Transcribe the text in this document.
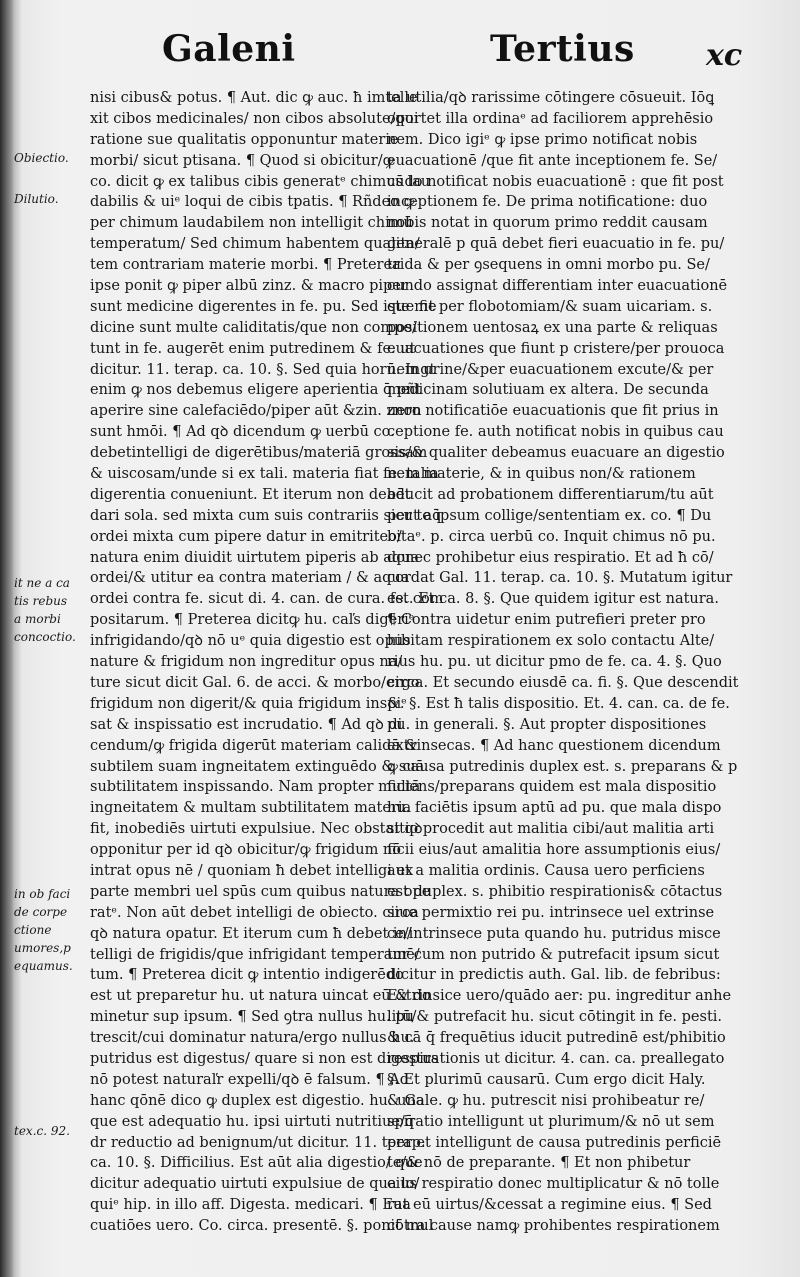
Galeni	Tertius xc
Obiectio.
Dilutio.
it ne a ca
tis rebus
a morbi
concoctio.
in ob faci
de corpe
ctione
umores,p
equamus.
tex.c. 92.
nisi cibus& potus. ¶ Aut. dic ꝙ auc. ħ imtelle
xit cibos medicinales/ non cibos absolute/qui
ratione sue qualitatis opponuntur materie
morbi/ sicut ptisana. ¶ Quod si obicitur/ꝙ
co. dicit ꝙ ex talibus cibis generatᵉ chimus lau
dabilis & uiᵉ loqui de cibis tpatis. ¶ Rñdeo ꝙ
per chimum laudabilem non intelligit chimū
temperatum/ Sed chimum habentem qualita/
tem contrariam materie morbi. ¶ Preterea
ipse ponit ꝙ piper albū zinz. & macro piper
sunt medicine digerentes in fe. pu. Sed iste me
dicine sunt multe caliditatis/que non compe/
tunt in fe. augerēt enim putredinem & fe. ut
dicitur. 11. terap. ca. 10. §. Sed quia horū. Ingt
enim ꝙ nos debemus eligere aperientia q̄ pñt
aperire sine calefaciēdo/piper aūt &zin. znon
sunt hmōi. ¶ Ad qꝺ dicendum ꝙ uerbū co.
debetintelligi de digerētibus/materiā grossam
& uiscosam/unde si ex tali. materia fiat fe. talia
digerentia conueniunt. Et iterum non debēt
dari sola. sed mixta cum suis contrariis sicut aq̄
ordei mixta cum pipere datur in emitriteo/
natura enim diuidit uirtutem piperis ab aqua
ordei/& utitur ea contra materiam / & aqua
ordei contra fe. sicut di. 4. can. de cura. fe. com
positarum. ¶ Preterea dicitꝙ hu. caľs digeriᵉ
infrigidando/qꝺ nō uᵉ quia digestio est opus
nature & frigidum non ingreditur opus na/
ture sicut dicit Gal. 6. de acci. & morbo/ergo
frigidum non digerit/& quia frigidum inspiᵉ
sat & inspissatio est incrudatio. ¶ Ad qꝺ di
cendum/ꝙ frigida digerūt materiam calidā &
subtilem suam ingneitatem extinguēdo & suā
subtilitatem inspissando. Nam propter multā
ingneitatem & multam subtilitatem materia
fit, inobediēs uirtuti expulsiue. Nec obstat qꝺ
opponitur per id qꝺ obicitur/ꝙ frigidum nō
intrat opus nē / quoniam ħ debet intelligi ex
parte membri uel spūs cum quibus natura ope
ratᵉ. Non aūt debet intelligi de obiecto. circa
qꝺ natura opatur. Et iterum cum ħ debet in/
telligi de frigidis/que infrigidant temperamē/
tum. ¶ Preterea dicit ꝙ intentio indigerēdo
est ut preparetur hu. ut natura uincat eū & do
minetur sup ipsum. ¶ Sed ꝯtra nullus hu. pu
trescit/cui dominatur natura/ergo nullus hu.
putridus est digestus/ quare si non est digestus
nō potest naturaľr expelli/qꝺ ē falsum. ¶ Ad
hanc qōnē dico ꝙ duplex est digestio. hu. una
que est adequatio hu. ipsi uirtuti nutritiue/q̄
dr reductio ad benignum/ut dicitur. 11. terap.
ca. 10. §. Difficilius. Est aūt alia digestio/ que
dicitur adequatio uirtuti expulsiue de qua lo/
quiᵉ hip. in illo aff. Digesta. medicari. ¶ Eua
cuatiōes uero. Co. circa. presentē. §. ponit mul
ta utilia/qꝺ rarissime cōtingere cōsueuit. Iōꝗ
oportet illa ordinaᵉ ad faciliorem apprehēsio
nem. Dico igiᵉ ꝙ ipse primo notificat nobis
euacuationē /que fit ante inceptionem fe. Se/
cūdo notificat nobis euacuationē : que fit post
inceptionem fe. De prima notificatione: duo
nobis notat in quorum primo reddit causam
generalē p quā debet fieri euacuatio in fe. pu/
trida & per ꝯsequens in omni morbo pu. Se/
cundo assignat differentiam inter euacuationē
que fit per flobotomiam/& suam uicariam. s.
positionem uentosaꝝ ex una parte & reliquas
euacuationes que fiunt p cristere/per prouoca
nem urine/&per euacuationem excute/& per
medicinam solutiuam ex altera. De secunda
uero notificatiōe euacuationis que fit prius in
ceptione fe. auth notificat nobis in quibus cau
sis/& qualiter debeamus euacuare an digestio
nem materie, & in quibus non/& rationem
aducit ad probationem differentiarum/tu aūt
per te ipsum collige/sententiam ex. co. ¶ Du
bitaᵉ. p. circa uerbū co. Inquit chimus nō pu.
donec prohibetur eius respiratio. Et ad ħ cō/
cordat Gal. 11. terap. ca. 10. §. Mutatum igitur
est. Et ca. 8. §. Que quidem igitur est natura.
¶ Contra uidetur enim putrefieri preter pro
hibitam respirationem ex solo contactu Alte/
rius hu. pu. ut dicitur pmo de fe. ca. 4. §. Quo
circa. Et secundo eiusdē ca. fi. §. Que descendit
&. §. Est ħ talis dispositio. Et. 4. can. ca. de fe.
pu. in generali. §. Aut propter dispositiones
extrinsecas. ¶ Ad hanc questionem dicendum
ꝙ causa putredinis duplex est. s. preparans & p
ficiens/preparans quidem est mala dispositio
hu. faciētis ipsum aptū ad pu. que mala dispo
sitio procedit aut malitia cibi/aut malitia arti
ficii eius/aut amalitia hore assumptionis eius/
aut a malitia ordinis. Causa uero perficiens
est duplex. s. phibitio respirationis& cōtactus
siue permixtio rei pu. intrinsece uel extrinse
ce/intrinsece puta quando hu. putridus misce
tur cum non putrido & putrefacit ipsum sicut
dicitur in predictis auth. Gal. lib. de febribus:
Extrinsice uero/quādo aer: pu. ingreditur anhe
litū/& putrefacit hu. sicut cōtingit in fe. pesti.
& cā q̄ frequētius iducit putredinē est/phibitio
respirationis ut dicitur. 4. can. ca. preallegato
§. Et plurimū causarū. Cum ergo dicit Haly.
& Gale. ꝙ hu. putrescit nisi prohibeatur re/
spiratio intelligunt ut plurimum/& nō ut sem
per et intelligunt de causa putredinis perficiē
te/& nō de preparante. ¶ Et non phibetur
eius respiratio donec multiplicatur & nō tolle
rat eū uirtus/&cessat a regimine eius. ¶ Sed
cōtra cause namꝙ prohibentes respirationem
